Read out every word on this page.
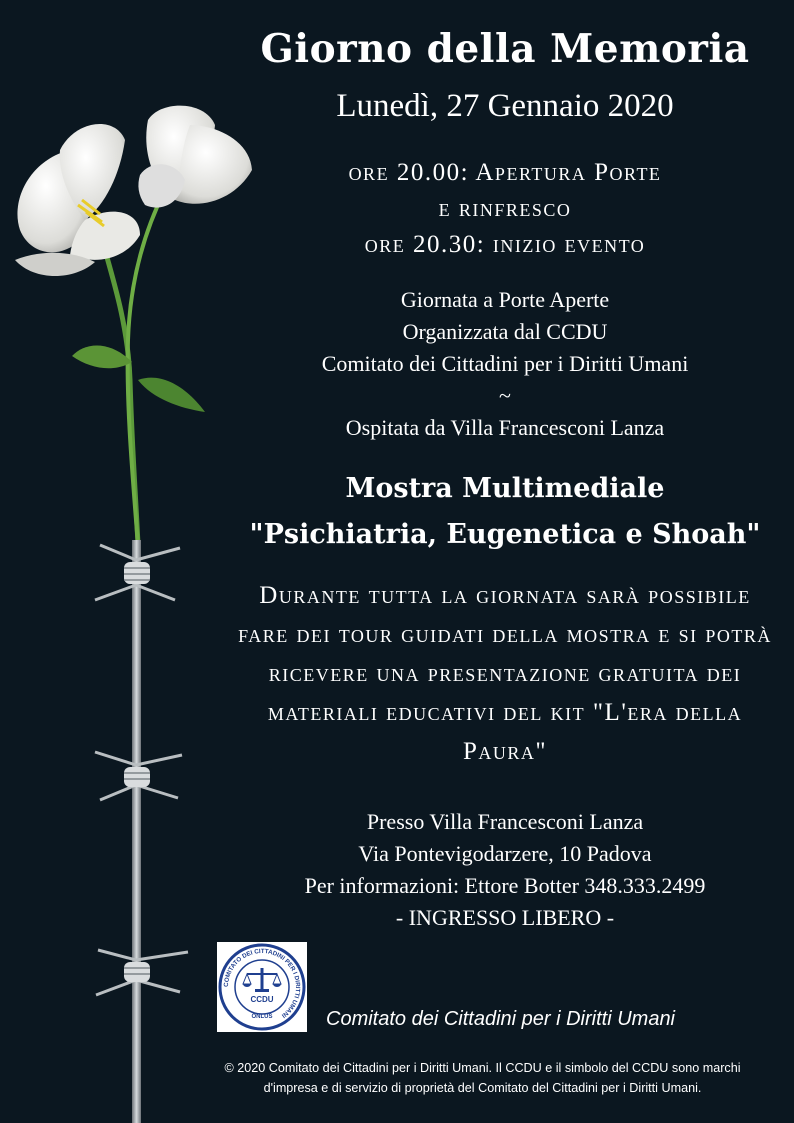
Giorno della Memoria
Lunedì, 27 Gennaio 2020
ore 20.00: Apertura Porte
e rinfresco
ore 20.30: inizio evento
Giornata a Porte Aperte
Organizzata dal CCDU
Comitato dei Cittadini per i Diritti Umani
~
Ospitata da Villa Francesconi Lanza
Mostra Multimediale
"Psichiatria, Eugenetica e Shoah"
Durante tutta la giornata sarà possibile fare dei tour guidati della mostra e si potrà ricevere una presentazione gratuita dei materiali educativi del kit "L'era della Paura"
Presso Villa Francesconi Lanza
Via Pontevigodarzere, 10 Padova
Per informazioni: Ettore Botter 348.333.2499
- INGRESSO LIBERO -
COMITATO DEI CITTADINI PER I DIRITTI UMANI
CCDU
ONLUS	Comitato dei Cittadini per i Diritti Umani
© 2020 Comitato dei Cittadini per i Diritti Umani. Il CCDU e il simbolo del CCDU sono marchi d'impresa e di servizio di proprietà del Comitato del Cittadini per i Diritti Umani.
